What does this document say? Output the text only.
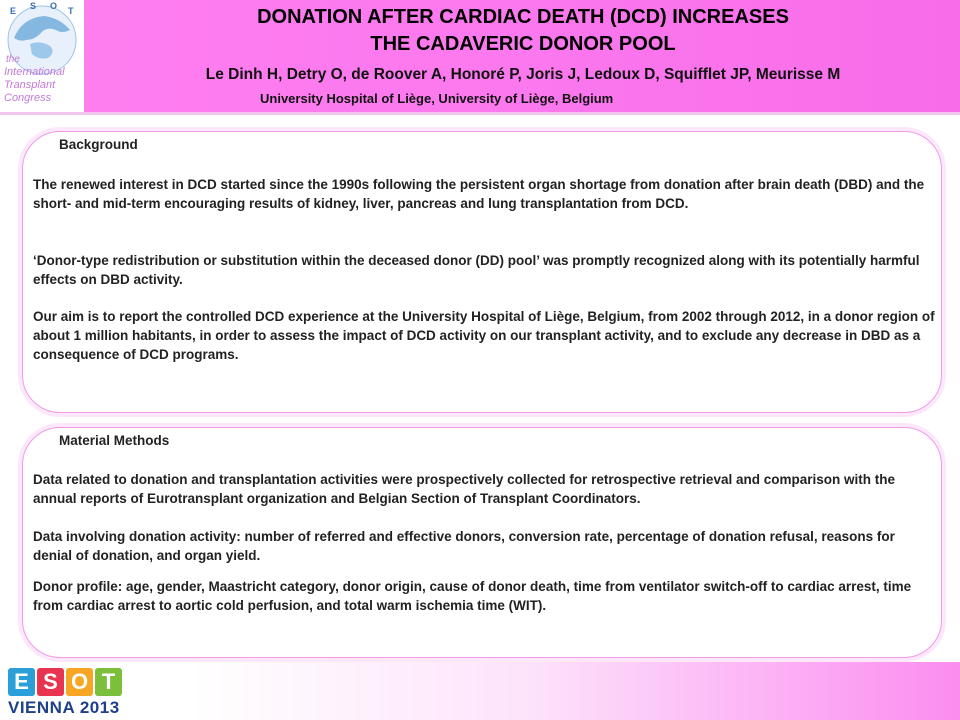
E S O T
the
International
Transplant
Congress
DONATION AFTER CARDIAC DEATH (DCD) INCREASES
THE CADAVERIC DONOR POOL
Le Dinh H, Detry O, de Roover A, Honoré P, Joris J, Ledoux D, Squifflet JP, Meurisse M
University Hospital of Liège, University of Liège, Belgium
Background
The renewed interest in DCD started since the 1990s following the persistent organ shortage from donation after brain death (DBD) and the short- and mid-term encouraging results of kidney, liver, pancreas and lung transplantation from DCD.
‘Donor-type redistribution or substitution within the deceased donor (DD) pool’ was promptly recognized along with its potentially harmful effects on DBD activity.
Our aim is to report the controlled DCD experience at the University Hospital of Liège, Belgium, from 2002 through 2012, in a donor region of about 1 million habitants, in order to assess the impact of DCD activity on our transplant activity, and to exclude any decrease in DBD as a consequence of DCD programs.
Material Methods
Data related to donation and transplantation activities were prospectively collected for retrospective retrieval and comparison with the annual reports of Eurotransplant organization and Belgian Section of Transplant Coordinators.
Data involving donation activity: number of referred and effective donors, conversion rate, percentage of donation refusal, reasons for denial of donation, and organ yield.
Donor profile: age, gender, Maastricht category, donor origin, cause of donor death, time from ventilator switch-off to cardiac arrest, time from cardiac arrest to aortic cold perfusion, and total warm ischemia time (WIT).
E S O T
VIENNA 2013
